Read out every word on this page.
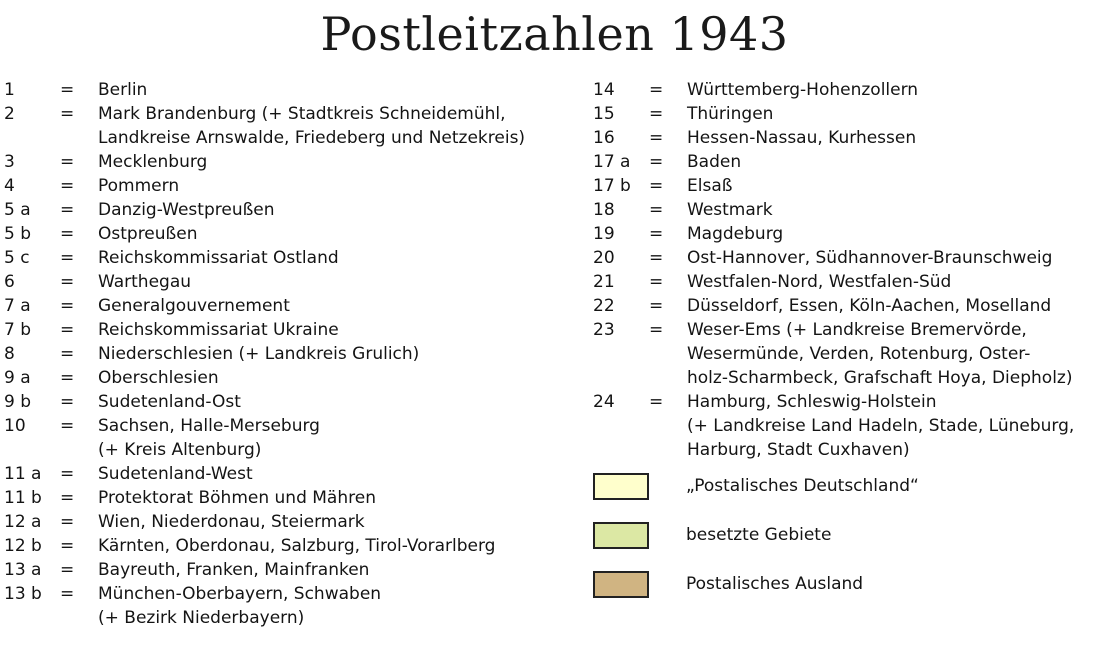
Postleitzahlen 1943
1	=	Berlin
2	=	Mark Brandenburg (+ Stadtkreis Schneidemühl,
Landkreise Arnswalde, Friedeberg und Netzekreis)
3	=	Mecklenburg
4	=	Pommern
5 a	=	Danzig-Westpreußen
5 b	=	Ostpreußen
5 c	=	Reichskommissariat Ostland
6	=	Warthegau
7 a	=	Generalgouvernement
7 b	=	Reichskommissariat Ukraine
8	=	Niederschlesien (+ Landkreis Grulich)
9 a	=	Oberschlesien
9 b	=	Sudetenland-Ost
10	=	Sachsen, Halle-Merseburg
(+ Kreis Altenburg)
11 a	=	Sudetenland-West
11 b	=	Protektorat Böhmen und Mähren
12 a	=	Wien, Niederdonau, Steiermark
12 b	=	Kärnten, Oberdonau, Salzburg, Tirol-Vorarlberg
13 a	=	Bayreuth, Franken, Mainfranken
13 b	=	München-Oberbayern, Schwaben
(+ Bezirk Niederbayern)
14	=	Württemberg-Hohenzollern
15	=	Thüringen
16	=	Hessen-Nassau, Kurhessen
17 a	=	Baden
17 b	=	Elsaß
18	=	Westmark
19	=	Magdeburg
20	=	Ost-Hannover, Südhannover-Braunschweig
21	=	Westfalen-Nord, Westfalen-Süd
22	=	Düsseldorf, Essen, Köln-Aachen, Moselland
23	=	Weser-Ems (+ Landkreise Bremervörde,
Wesermünde, Verden, Rotenburg, Oster-
holz-Scharmbeck, Grafschaft Hoya, Diepholz)
24	=	Hamburg, Schleswig-Holstein
(+ Landkreise Land Hadeln, Stade, Lüneburg,
Harburg, Stadt Cuxhaven)
„Postalisches Deutschland“
besetzte Gebiete
Postalisches Ausland
